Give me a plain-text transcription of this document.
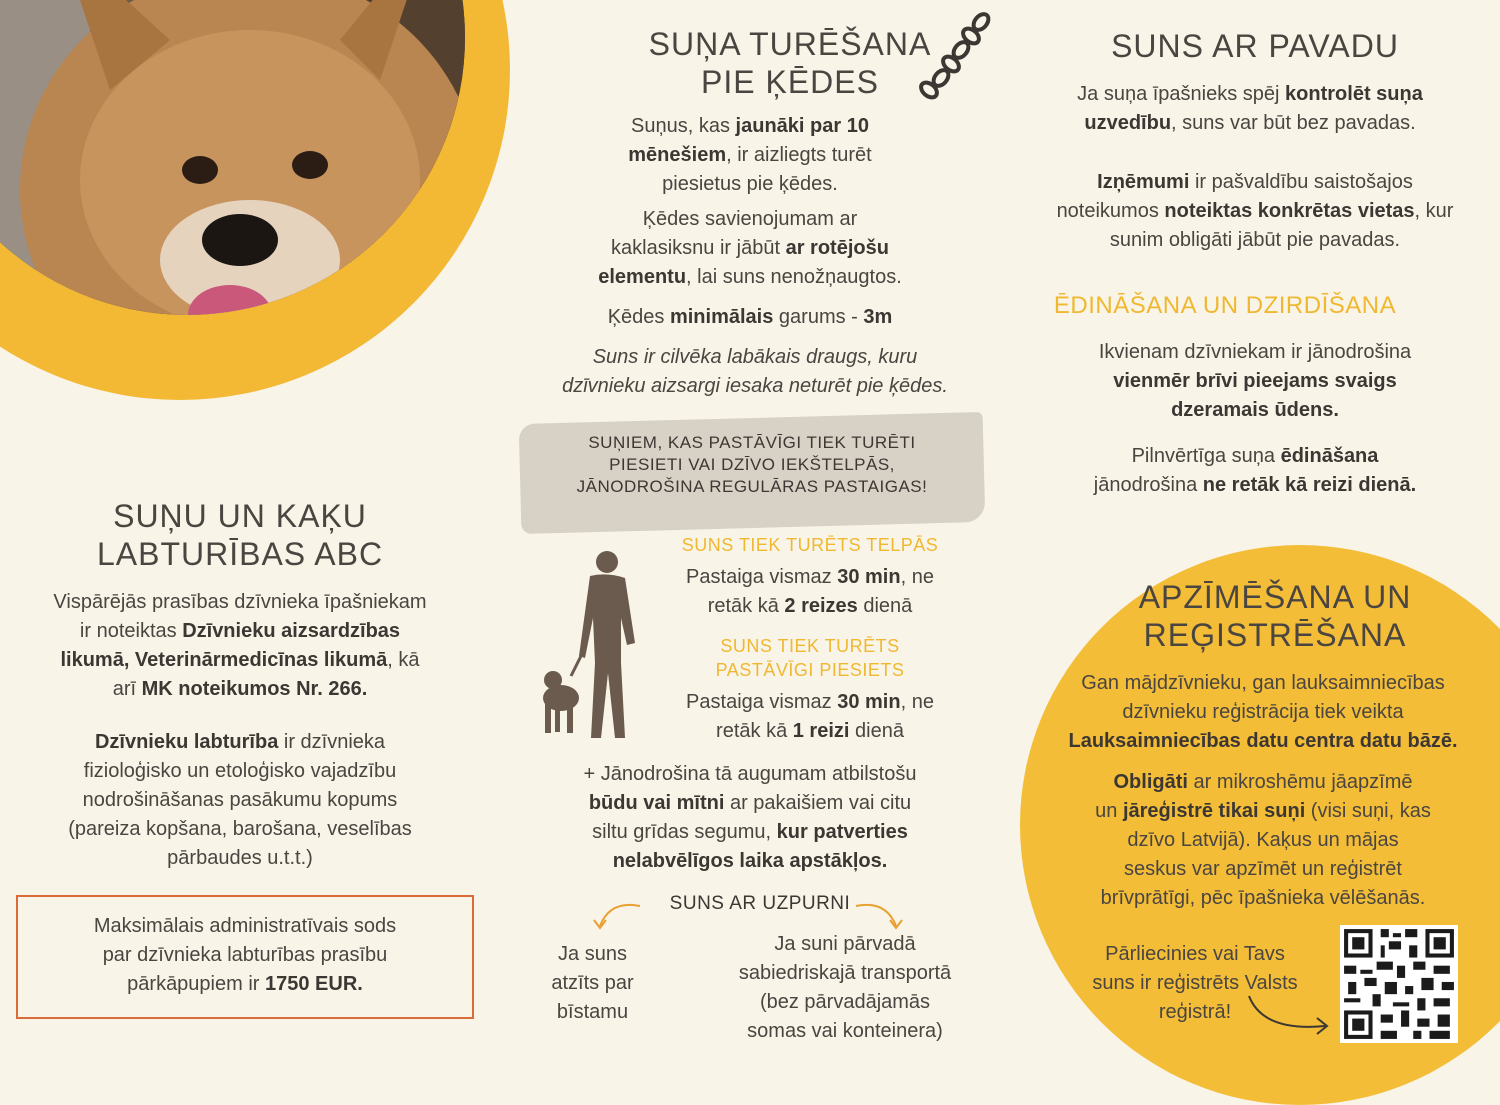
SUŅU UN KAĶU
LABTURĪBAS ABC
Vispārējās prasības dzīvnieka īpašniekam
ir noteiktas Dzīvnieku aizsardzības
likumā, Veterinārmedicīnas likumā, kā
arī MK noteikumos Nr. 266.
Dzīvnieku labturība ir dzīvnieka
fizioloģisko un etoloģisko vajadzību
nodrošināšanas pasākumu kopums
(pareiza kopšana, barošana, veselības
pārbaudes u.t.t.)
Maksimālais administratīvais sods
par dzīvnieka labturības prasību
pārkāpupiem ir 1750 EUR.
SUŅA TURĒŠANA
PIE ĶĒDES
Suņus, kas jaunāki par 10
mēnešiem, ir aizliegts turēt
piesietus pie ķēdes.
Ķēdes savienojumam ar
kaklasiksnu ir jābūt ar rotējošu
elementu, lai suns nenožņaugtos.
Ķēdes minimālais garums - 3m
Suns ir cilvēka labākais draugs, kuru
dzīvnieku aizsargi iesaka neturēt pie ķēdes.
SUŅIEM, KAS PASTĀVĪGI TIEK TURĒTI
PIESIETI VAI DZĪVO IEKŠTELPĀS,
JĀNODROŠINA REGULĀRAS PASTAIGAS!
SUNS TIEK TURĒTS TELPĀS
Pastaiga vismaz 30 min, ne
retāk kā 2 reizes dienā
SUNS TIEK TURĒTS
PASTĀVĪGI PIESIETS
Pastaiga vismaz 30 min, ne
retāk kā 1 reizi dienā
+ Jānodrošina tā augumam atbilstošu
būdu vai mītni ar pakaišiem vai citu
siltu grīdas segumu, kur patverties
nelabvēlīgos laika apstākļos.
SUNS AR UZPURNI
Ja suns
atzīts par
bīstamu
Ja suni pārvadā
sabiedriskajā transportā
(bez pārvadājamās
somas vai konteinera)
SUNS AR PAVADU
Ja suņa īpašnieks spēj kontrolēt suņa
uzvedību, suns var būt bez pavadas.
Izņēmumi ir pašvaldību saistošajos
noteikumos noteiktas konkrētas vietas, kur
sunim obligāti jābūt pie pavadas.
ĒDINĀŠANA UN DZIRDĪŠANA
Ikvienam dzīvniekam ir jānodrošina
vienmēr brīvi pieejams svaigs
dzeramais ūdens.
Pilnvērtīga suņa ēdināšana
jānodrošina ne retāk kā reizi dienā.
APZĪMĒŠANA UN
REĢISTRĒŠANA
Gan mājdzīvnieku, gan lauksaimniecības
dzīvnieku reģistrācija tiek veikta
Lauksaimniecības datu centra datu bāzē.
Obligāti ar mikroshēmu jāapzīmē
un jāreģistrē tikai suņi (visi suņi, kas
dzīvo Latvijā). Kaķus un mājas
seskus var apzīmēt un reģistrēt
brīvprātīgi, pēc īpašnieka vēlēšanās.
Pārliecinies vai Tavs
suns ir reģistrēts Valsts
reģistrā!
